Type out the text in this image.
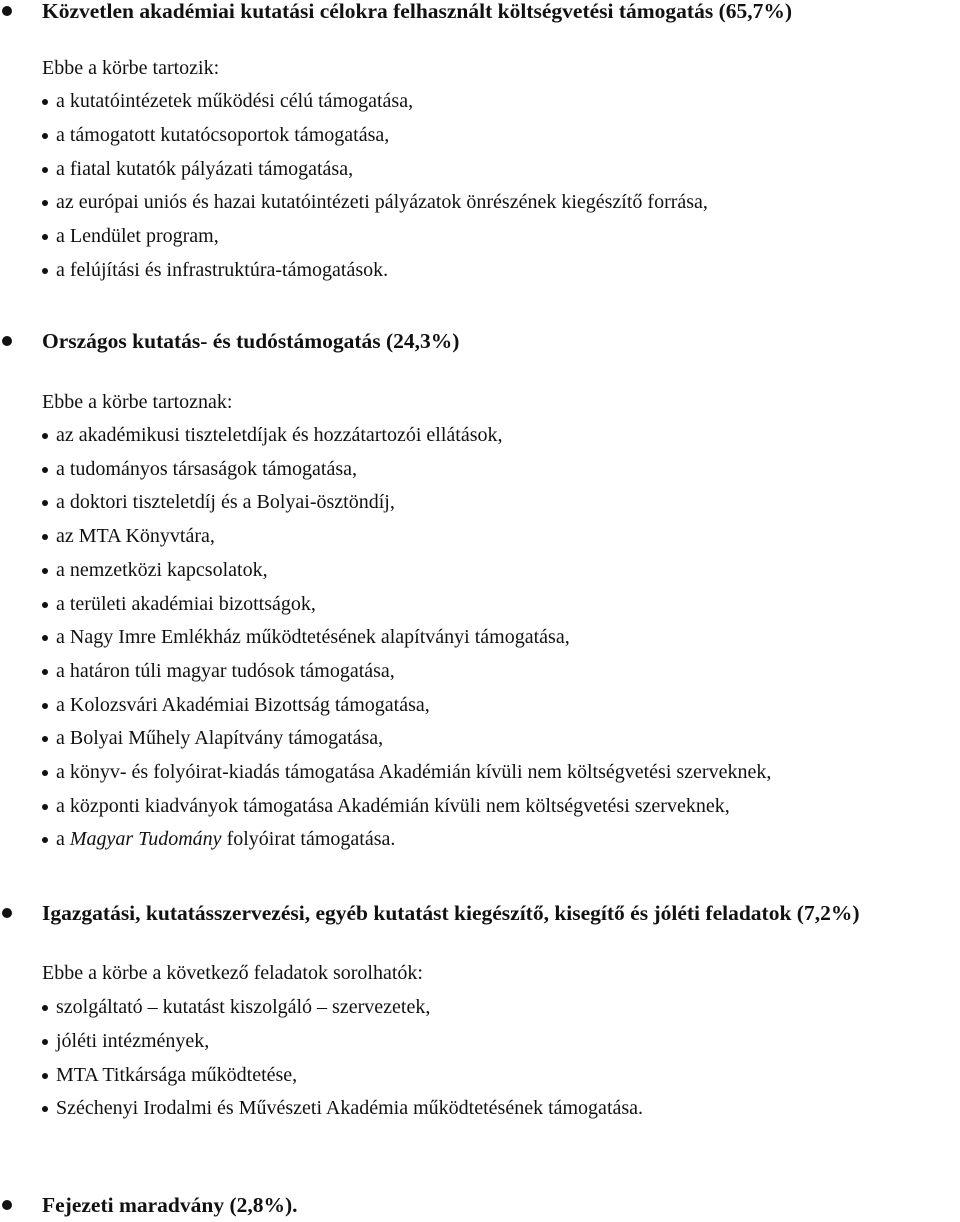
Közvetlen akadémiai kutatási célokra felhasznált költségvetési támogatás (65,7%)

Ebbe a körbe tartozik:

a kutatóintézetek működési célú támogatása,
a támogatott kutatócsoportok támogatása,
a fiatal kutatók pályázati támogatása,
az európai uniós és hazai kutatóintézeti pályázatok önrészének kiegészítő forrása,
a Lendület program,
a felújítási és infrastruktúra-támogatások.
Országos kutatás- és tudóstámogatás (24,3%)

Ebbe a körbe tartoznak:

az akadémikusi tiszteletdíjak és hozzátartozói ellátások,
a tudományos társaságok támogatása,
a doktori tiszteletdíj és a Bolyai-ösztöndíj,
az MTA Könyvtára,
a nemzetközi kapcsolatok,
a területi akadémiai bizottságok,
a Nagy Imre Emlékház működtetésének alapítványi támogatása,
a határon túli magyar tudósok támogatása,
a Kolozsvári Akadémiai Bizottság támogatása,
a Bolyai Műhely Alapítvány támogatása,
a könyv- és folyóirat-kiadás támogatása Akadémián kívüli nem költségvetési szerveknek,
a központi kiadványok támogatása Akadémián kívüli nem költségvetési szerveknek,
a Magyar Tudomány folyóirat támogatása.
Igazgatási, kutatásszervezési, egyéb kutatást kiegészítő, kisegítő és jóléti feladatok (7,2%)

Ebbe a körbe a következő feladatok sorolhatók:

szolgáltató – kutatást kiszolgáló – szervezetek,
jóléti intézmények,
MTA Titkársága működtetése,
Széchenyi Irodalmi és Művészeti Akadémia működtetésének támogatása.
Fejezeti maradvány (2,8%).
